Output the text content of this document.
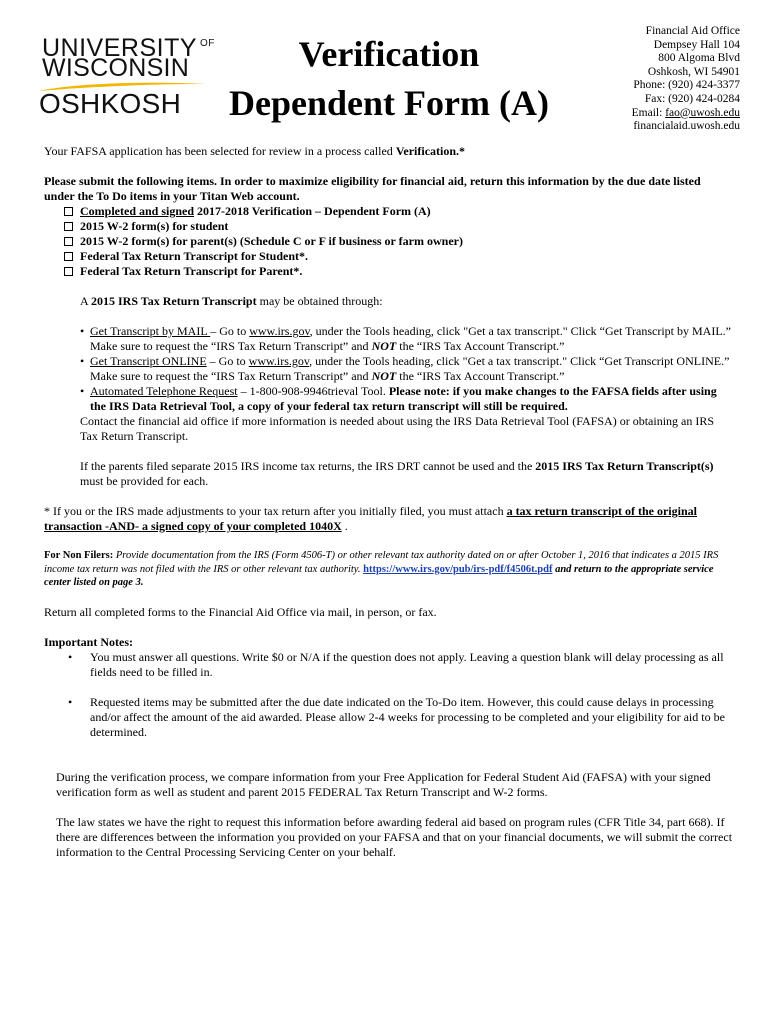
UNIVERSITY $^{OF}$
WISCONSIN
OSHKOSH
Verification
Dependent Form (A)
Financial Aid Office
Dempsey Hall 104
800 Algoma Blvd
Oshkosh, WI 54901
Phone: (920) 424-3377
Fax: (920) 424-0284
Email: fao@uwosh.edu
financialaid.uwosh.edu

Your FAFSA application has been selected for review in a process called Verification.*

Please submit the following items. In order to maximize eligibility for financial aid, return this information by the due date listed under the To Do items in your Titan Web account.

Completed and signed 2017-2018 Verification – Dependent Form (A)
2015 W-2 form(s) for student
2015 W-2 form(s) for parent(s) (Schedule C or F if business or farm owner)
Federal Tax Return Transcript for Student*.
Federal Tax Return Transcript for Parent*.

A 2015 IRS Tax Return Transcript may be obtained through:

• Get Transcript by MAIL – Go to www.irs.gov, under the Tools heading, click "Get a tax transcript." Click “Get Transcript by MAIL.” Make sure to request the “IRS Tax Return Transcript” and NOT the “IRS Tax Account Transcript.”
• Get Transcript ONLINE – Go to www.irs.gov, under the Tools heading, click "Get a tax transcript." Click “Get Transcript ONLINE.” Make sure to request the “IRS Tax Return Transcript” and NOT the “IRS Tax Account Transcript.”
• Automated Telephone Request – 1-800-908-9946trieval Tool. Please note: if you make changes to the FAFSA fields after using the IRS Data Retrieval Tool, a copy of your federal tax return transcript will still be required.

Contact the financial aid office if more information is needed about using the IRS Data Retrieval Tool (FAFSA) or obtaining an IRS Tax Return Transcript.

If the parents filed separate 2015 IRS income tax returns, the IRS DRT cannot be used and the 2015 IRS Tax Return Transcript(s) must be provided for each.

* If you or the IRS made adjustments to your tax return after you initially filed, you must attach a tax return transcript of the original transaction -AND- a signed copy of your completed 1040X .

For Non Filers: Provide documentation from the IRS (Form 4506-T) or other relevant tax authority dated on or after October 1, 2016 that indicates a 2015 IRS income tax return was not filed with the IRS or other relevant tax authority. https://www.irs.gov/pub/irs-pdf/f4506t.pdf and return to the appropriate service center listed on page 3.

Return all completed forms to the Financial Aid Office via mail, in person, or fax.

Important Notes:

• You must answer all questions. Write $0 or N/A if the question does not apply. Leaving a question blank will delay processing as all fields need to be filled in.
• Requested items may be submitted after the due date indicated on the To-Do item. However, this could cause delays in processing and/or affect the amount of the aid awarded. Please allow 2-4 weeks for processing to be completed and your eligibility for aid to be determined.

During the verification process, we compare information from your Free Application for Federal Student Aid (FAFSA) with your signed verification form as well as student and parent 2015 FEDERAL Tax Return Transcript and W-2 forms.

The law states we have the right to request this information before awarding federal aid based on program rules (CFR Title 34, part 668). If there are differences between the information you provided on your FAFSA and that on your financial documents, we will submit the correct information to the Central Processing Servicing Center on your behalf.
